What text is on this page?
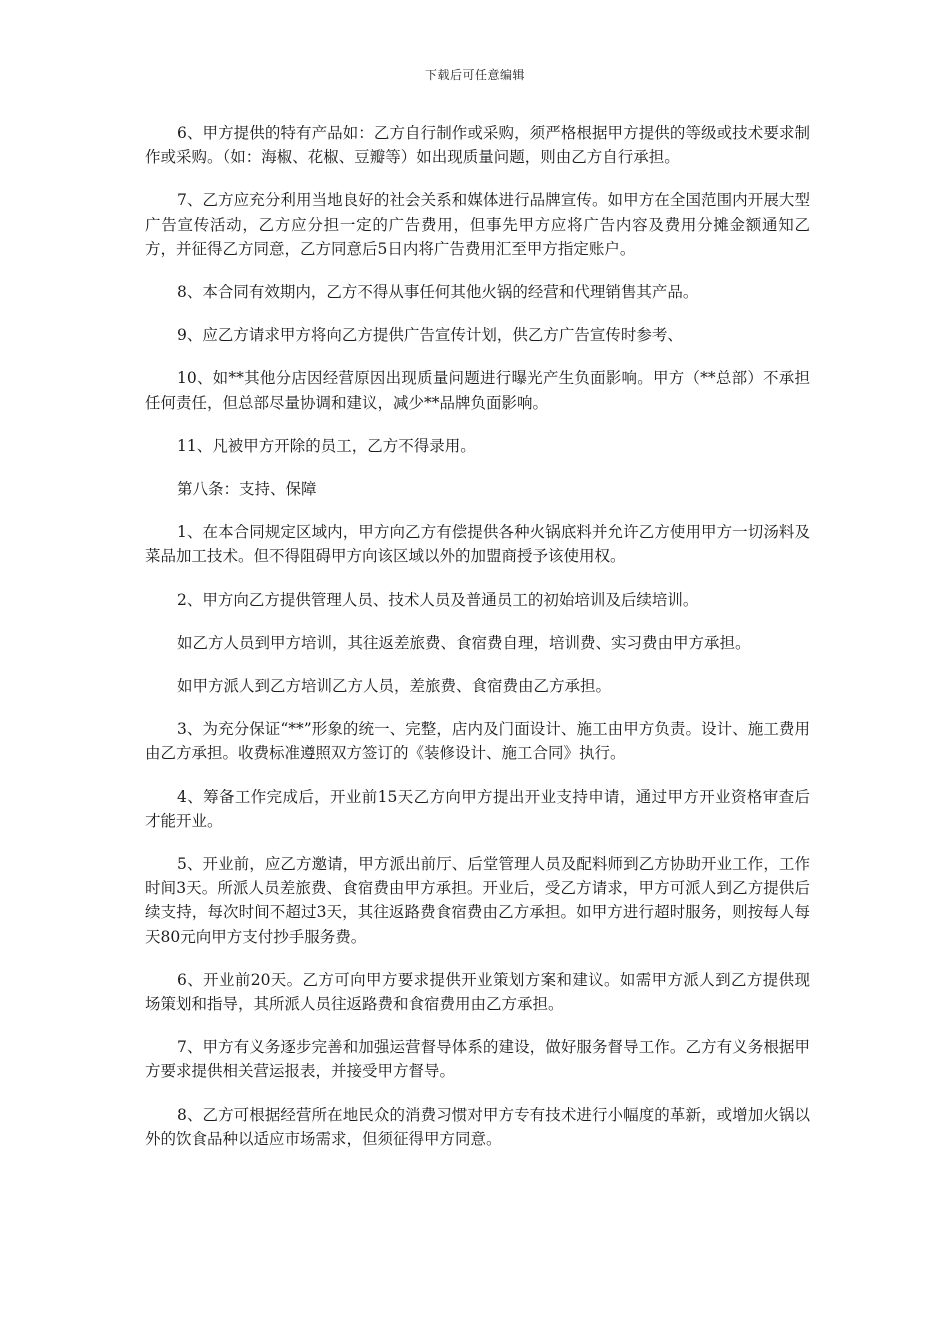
下载后可任意编辑

6、甲方提供的特有产品如：乙方自行制作或采购，须严格根据甲方提供的等级或技术要求制作或采购。（如：海椒、花椒、豆瓣等）如出现质量问题，则由乙方自行承担。

7、乙方应充分利用当地良好的社会关系和媒体进行品牌宣传。如甲方在全国范围内开展大型广告宣传活动，乙方应分担一定的广告费用，但事先甲方应将广告内容及费用分摊金额通知乙方，并征得乙方同意，乙方同意后5日内将广告费用汇至甲方指定账户。

8、本合同有效期内，乙方不得从事任何其他火锅的经营和代理销售其产品。

9、应乙方请求甲方将向乙方提供广告宣传计划，供乙方广告宣传时参考、

10、如**其他分店因经营原因出现质量问题进行曝光产生负面影响。甲方（**总部）不承担任何责任，但总部尽量协调和建议，减少**品牌负面影响。

11、凡被甲方开除的员工，乙方不得录用。

第八条：支持、保障

1、在本合同规定区域内，甲方向乙方有偿提供各种火锅底料并允许乙方使用甲方一切汤料及菜品加工技术。但不得阻碍甲方向该区域以外的加盟商授予该使用权。

2、甲方向乙方提供管理人员、技术人员及普通员工的初始培训及后续培训。

如乙方人员到甲方培训，其往返差旅费、食宿费自理，培训费、实习费由甲方承担。

如甲方派人到乙方培训乙方人员，差旅费、食宿费由乙方承担。

3、为充分保证“**”形象的统一、完整，店内及门面设计、施工由甲方负责。设计、施工费用由乙方承担。收费标准遵照双方签订的《装修设计、施工合同》执行。

4、筹备工作完成后，开业前15天乙方向甲方提出开业支持申请，通过甲方开业资格审查后才能开业。

5、开业前，应乙方邀请，甲方派出前厅、后堂管理人员及配料师到乙方协助开业工作，工作时间3天。所派人员差旅费、食宿费由甲方承担。开业后，受乙方请求，甲方可派人到乙方提供后续支持，每次时间不超过3天，其往返路费食宿费由乙方承担。如甲方进行超时服务，则按每人每天80元向甲方支付抄手服务费。

6、开业前20天。乙方可向甲方要求提供开业策划方案和建议。如需甲方派人到乙方提供现场策划和指导，其所派人员往返路费和食宿费用由乙方承担。

7、甲方有义务逐步完善和加强运营督导体系的建设，做好服务督导工作。乙方有义务根据甲方要求提供相关营运报表，并接受甲方督导。

8、乙方可根据经营所在地民众的消费习惯对甲方专有技术进行小幅度的革新，或增加火锅以外的饮食品种以适应市场需求，但须征得甲方同意。
